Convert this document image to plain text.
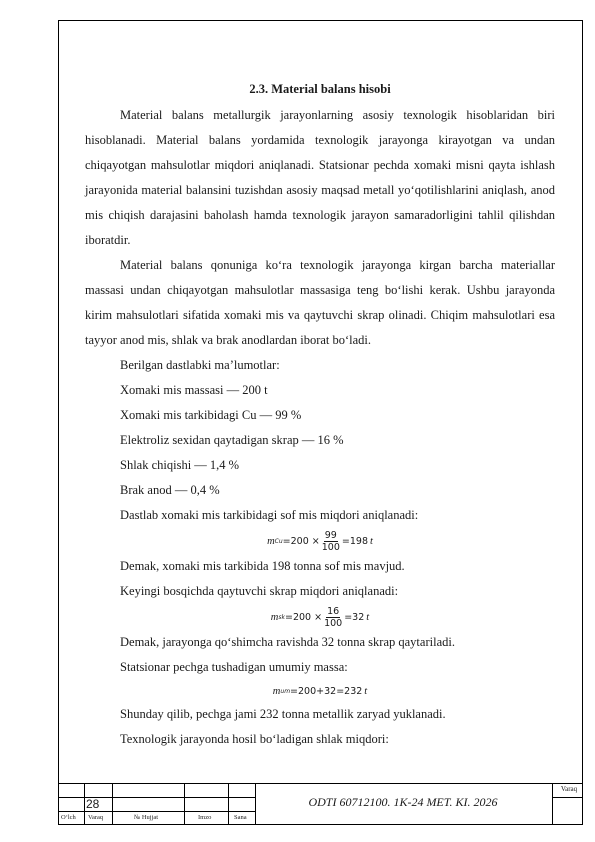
2.3. Material balans hisobi

Material balans metallurgik jarayonlarning asosiy texnologik hisoblaridan biri hisoblanadi. Material balans yordamida texnologik jarayonga kirayotgan va undan chiqayotgan mahsulotlar miqdori aniqlanadi. Statsionar pechda xomaki misni qayta ishlash jarayonida material balansini tuzishdan asosiy maqsad metall yo‘qotilishlarini aniqlash, anod mis chiqish darajasini baholash hamda texnologik jarayon samaradorligini tahlil qilishdan iboratdir.

Material balans qonuniga ko‘ra texnologik jarayonga kirgan barcha materiallar massasi undan chiqayotgan mahsulotlar massasiga teng bo‘lishi kerak. Ushbu jarayonda kirim mahsulotlari sifatida xomaki mis va qaytuvchi skrap olinadi. Chiqim mahsulotlari esa tayyor anod mis, shlak va brak anodlardan iborat bo‘ladi.

Berilgan dastlabki ma’lumotlar:

Xomaki mis massasi — 200 t

Xomaki mis tarkibidagi Cu — 99 %

Elektroliz sexidan qaytadigan skrap — 16 %

Shlak chiqishi — 1,4 %

Brak anod — 0,4 %

Dastlab xomaki mis tarkibidagi sof mis miqdori aniqlanadi:

m $Cu =200 \times \frac{99}{100} =198$ t

Demak, xomaki mis tarkibida 198 tonna sof mis mavjud.

Keyingi bosqichda qaytuvchi skrap miqdori aniqlanadi:

m sk $=200 \times \frac{16}{100} =32$ t

Demak, jarayonga qo‘shimcha ravishda 32 tonna skrap qaytariladi.

Statsionar pechga tushadigan umumiy massa:

m um =200+32=232 t

Shunday qilib, pechga jami 232 tonna metallik zaryad yuklanadi.

Texnologik jarayonda hosil bo‘ladigan shlak miqdori:

28	ODTI 60712100. 1K-24 MET. KI. 2026
Varaq
O‘lch Varaq	№ Hujjat	Imzo	Sana
